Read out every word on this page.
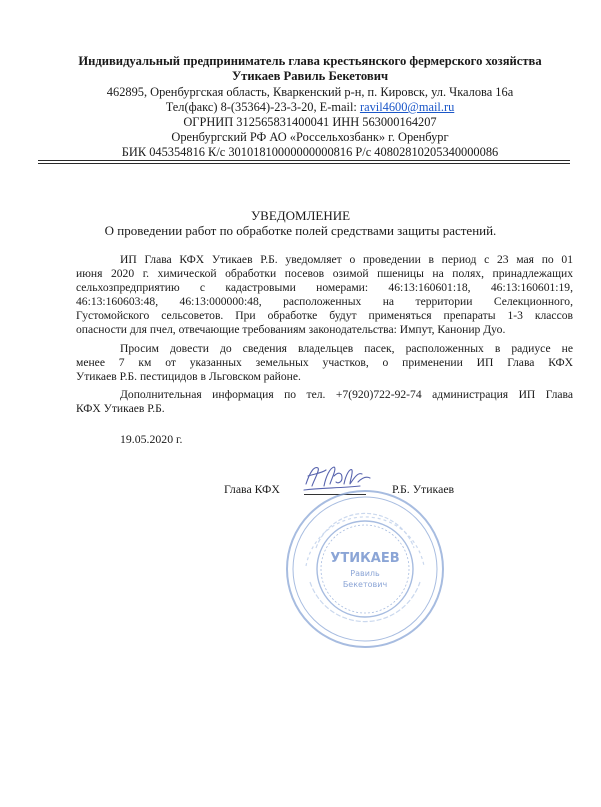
Индивидуальный предприниматель глава крестьянского фермерского хозяйства
Утикаев Равиль Бекетович
462895, Оренбургская область, Кваркенский р-н, п. Кировск, ул. Чкалова 16а
Тел(факс) 8-(35364)-23-3-20, E-mail: ravil4600@mail.ru
ОГРНИП 312565831400041 ИНН 563000164207
Оренбургский РФ АО «Россельхозбанк» г. Оренбург
БИК 045354816 К/с 30101810000000000816 Р/с 40802810205340000086
УВЕДОМЛЕНИЕ
О проведении работ по обработке полей средствами защиты растений.
ИП Глава КФХ Утикаев Р.Б. уведомляет о проведении в период с 23 мая по 01
июня 2020 г. химической обработки посевов озимой пшеницы на полях, принадлежащих
сельхозпредприятию с кадастровыми номерами: 46:13:160601:18, 46:13:160601:19,
46:13:160603:48, 46:13:000000:48, расположенных на территории Селекционного,
Густомойского сельсоветов. При обработке будут применяться препараты 1-3 классов
опасности для пчел, отвечающие требованиям законодательства: Импут, Канонир Дуо.
Просим довести до сведения владельцев пасек, расположенных в радиусе не
менее 7 км от указанных земельных участков, о применении ИП Глава КФХ
Утикаев Р.Б. пестицидов в Льговском районе.
Дополнительная информация по тел. +7(920)722-92-74 администрация ИП Глава
КФХ Утикаев Р.Б.
19.05.2020 г.
Глава КФХ	Р.Б. Утикаев
УТИКАЕВ
Равиль
Бекетович
